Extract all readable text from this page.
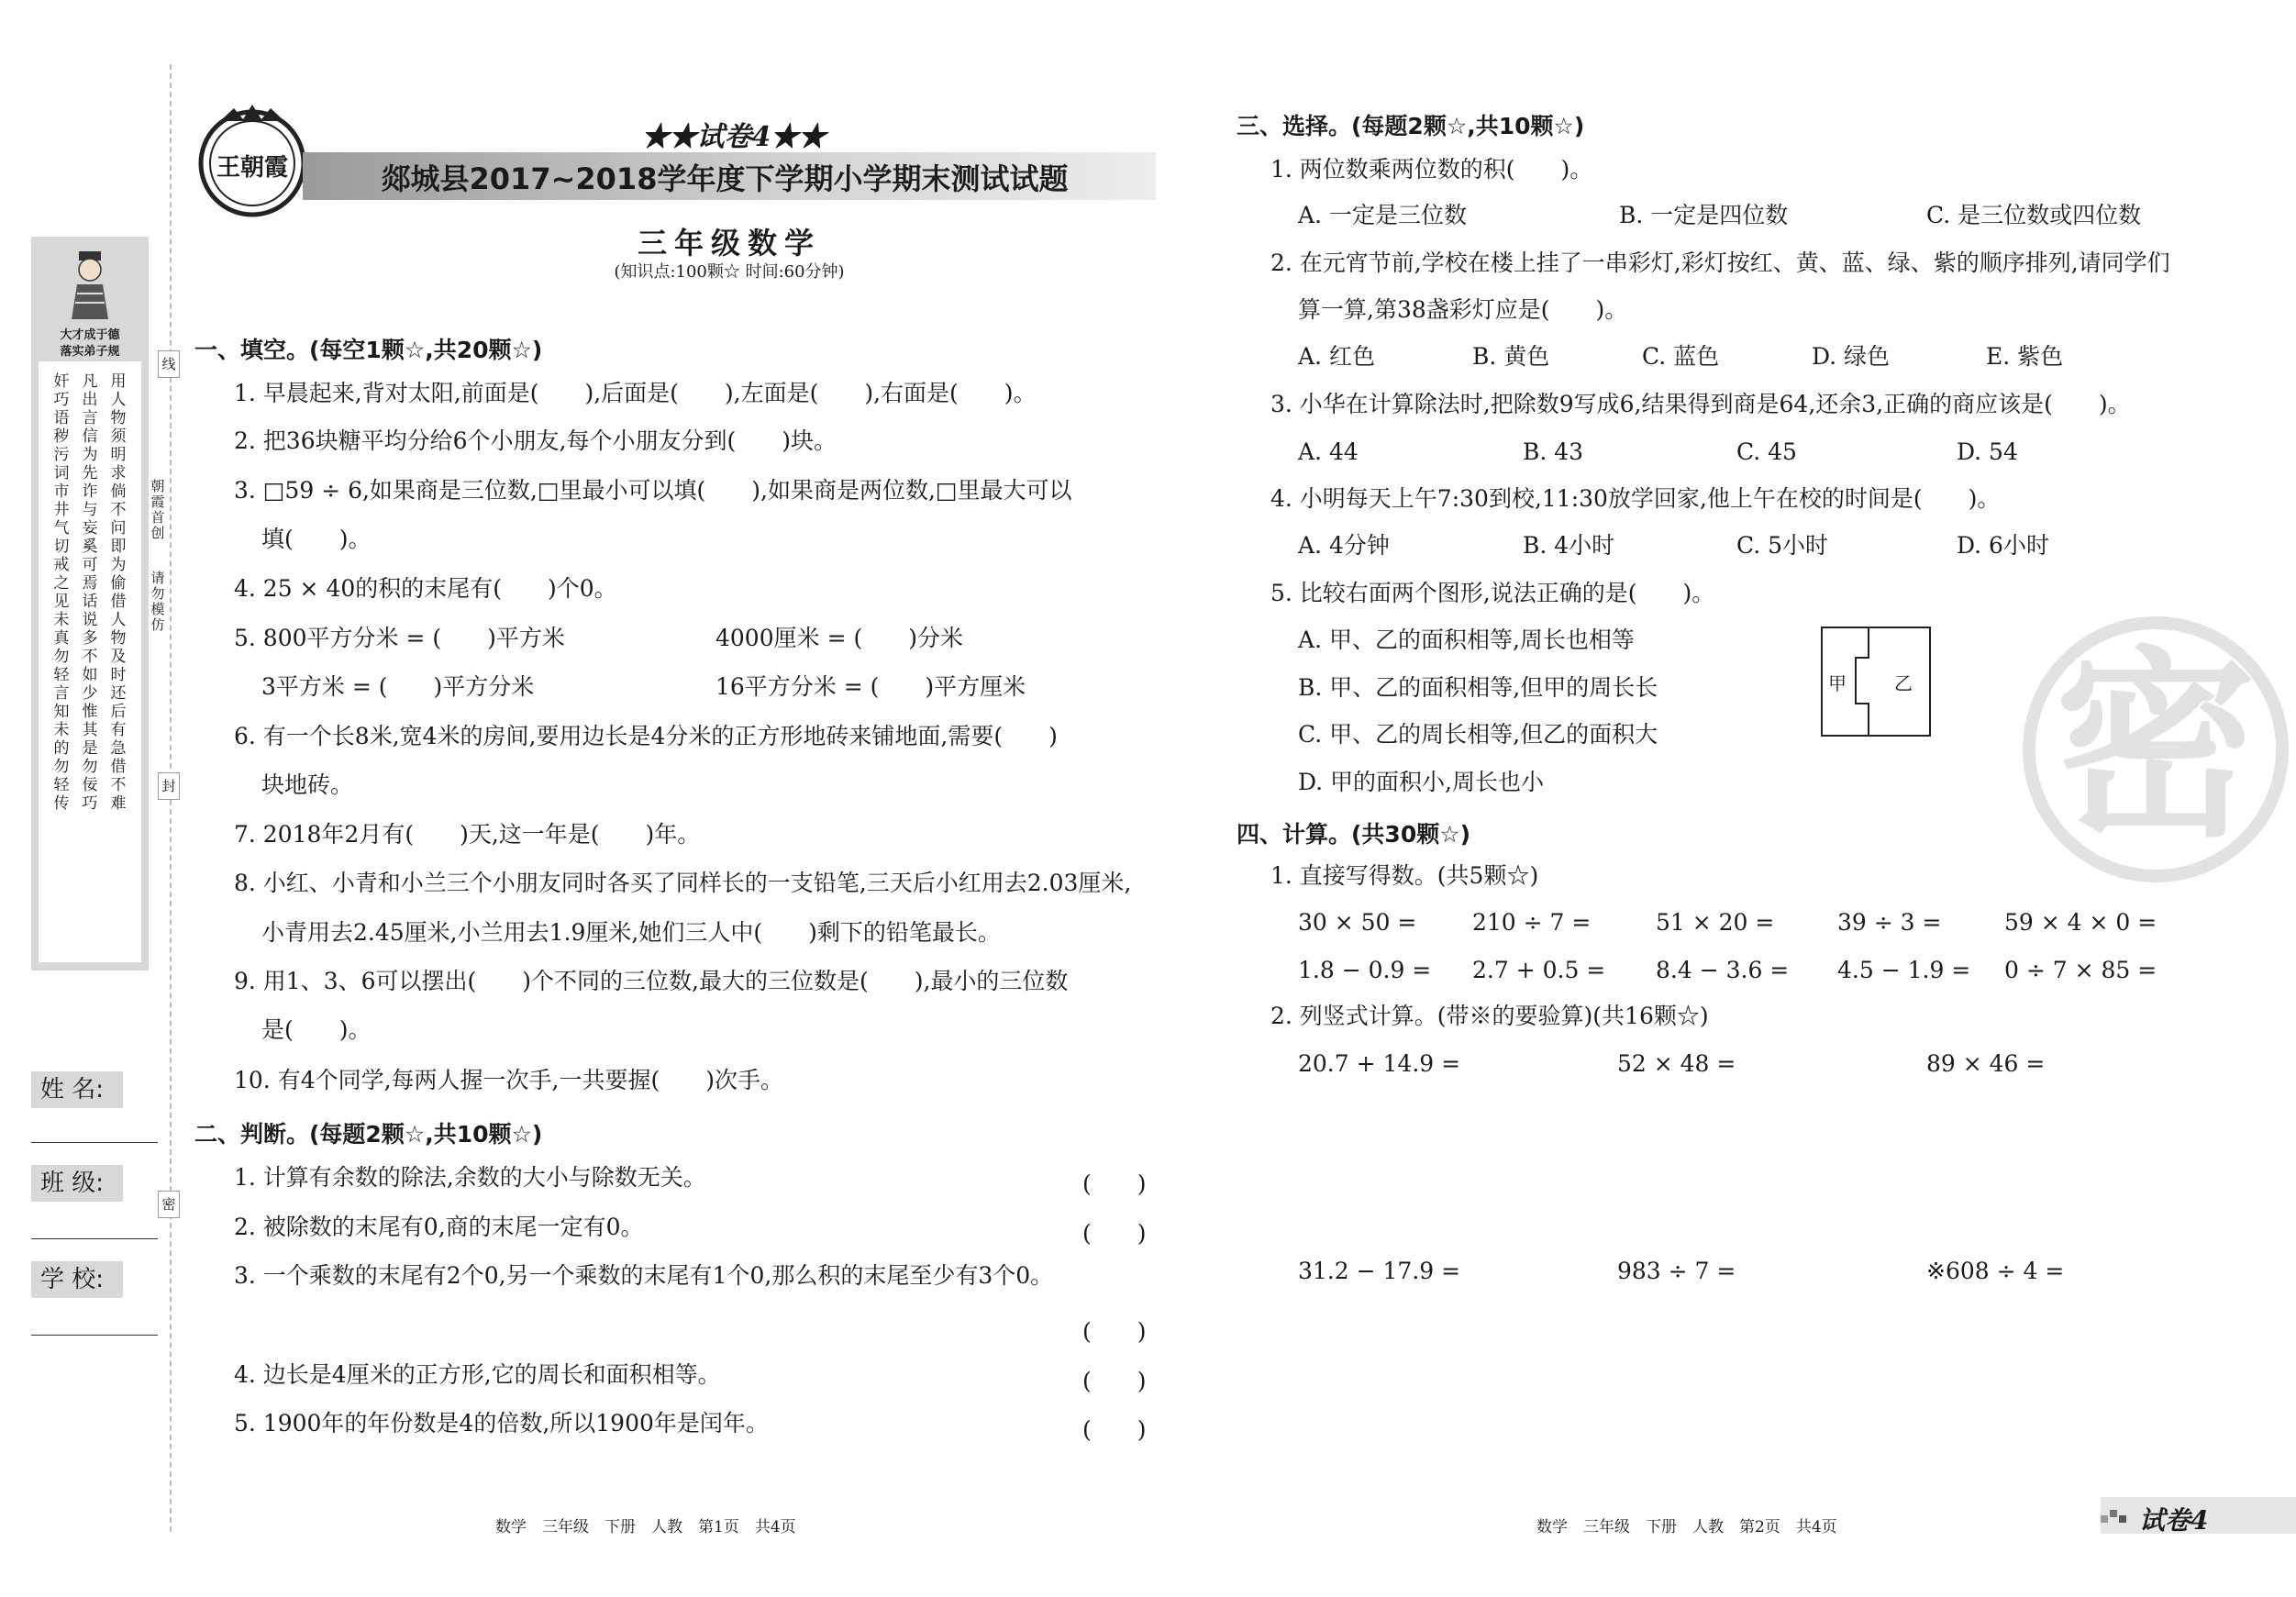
线
封
密
朝霞首创
请勿模仿
大才成于德
落实弟子规
奸巧语秽污词市井气切戒之见未真勿轻言知未的勿轻传
凡出言信为先诈与妄奚可焉话说多不如少惟其是勿佞巧
用人物须明求倘不问即为偷借人物及时还后有急借不难
姓 名:
班 级:
学 校:
王朝霞
★★试卷4★★
郯城县2017~2018学年度下学期小学期末测试试题
三年级数学
(知识点:100颗☆ 时间:60分钟)
一、填空。(每空1颗☆,共20颗☆)
1. 早晨起来,背对太阳,前面是(　　),后面是(　　),左面是(　　),右面是(　　)。
2. 把36块糖平均分给6个小朋友,每个小朋友分到(　　)块。
3. □59 ÷ 6,如果商是三位数,□里最小可以填(　　),如果商是两位数,□里最大可以
填(　　)。
4. 25 × 40的积的末尾有(　　)个0。
5. 800平方分米 = (　　)平方米	4000厘米 = (　　)分米
3平方米 = (　　)平方分米	16平方分米 = (　　)平方厘米
6. 有一个长8米,宽4米的房间,要用边长是4分米的正方形地砖来铺地面,需要(　　)
块地砖。
7. 2018年2月有(　　)天,这一年是(　　)年。
8. 小红、小青和小兰三个小朋友同时各买了同样长的一支铅笔,三天后小红用去2.03厘米,
小青用去2.45厘米,小兰用去1.9厘米,她们三人中(　　)剩下的铅笔最长。
9. 用1、3、6可以摆出(　　)个不同的三位数,最大的三位数是(　　),最小的三位数
是(　　)。
10. 有4个同学,每两人握一次手,一共要握(　　)次手。
二、判断。(每题2颗☆,共10颗☆)
1. 计算有余数的除法,余数的大小与除数无关。	(　　)
2. 被除数的末尾有0,商的末尾一定有0。	(　　)
3. 一个乘数的末尾有2个0,另一个乘数的末尾有1个0,那么积的末尾至少有3个0。
(　　)
4. 边长是4厘米的正方形,它的周长和面积相等。	(　　)
5. 1900年的年份数是4的倍数,所以1900年是闰年。	(　　)
数学　三年级　下册　人教　第1页　共4页
三、选择。(每题2颗☆,共10颗☆)
1. 两位数乘两位数的积(　　)。
A. 一定是三位数	B. 一定是四位数	C. 是三位数或四位数
2. 在元宵节前,学校在楼上挂了一串彩灯,彩灯按红、黄、蓝、绿、紫的顺序排列,请同学们
算一算,第38盏彩灯应是(　　)。
A. 红色	B. 黄色	C. 蓝色	D. 绿色	E. 紫色
3. 小华在计算除法时,把除数9写成6,结果得到商是64,还余3,正确的商应该是(　　)。
A. 44	B. 43	C. 45	D. 54
4. 小明每天上午7:30到校,11:30放学回家,他上午在校的时间是(　　)。
A. 4分钟	B. 4小时	C. 5小时	D. 6小时
5. 比较右面两个图形,说法正确的是(　　)。
A. 甲、乙的面积相等,周长也相等
B. 甲、乙的面积相等,但甲的周长长
C. 甲、乙的周长相等,但乙的面积大
D. 甲的面积小,周长也小
甲	乙
四、计算。(共30颗☆)
1. 直接写得数。(共5颗☆)
30 × 50 = 210 ÷ 7 =	51 × 20 =	39 ÷ 3 =	59 × 4 × 0 =
1.8 − 0.9 = 2.7 + 0.5 = 8.4 − 3.6 = 4.5 − 1.9 = 0 ÷ 7 × 85 =
2. 列竖式计算。(带※的要验算)(共16颗☆)
20.7 + 14.9 =	52 × 48 =	89 × 46 =
31.2 − 17.9 =	983 ÷ 7 =	※608 ÷ 4 =
密
数学　三年级　下册　人教　第2页　共4页	试卷4
